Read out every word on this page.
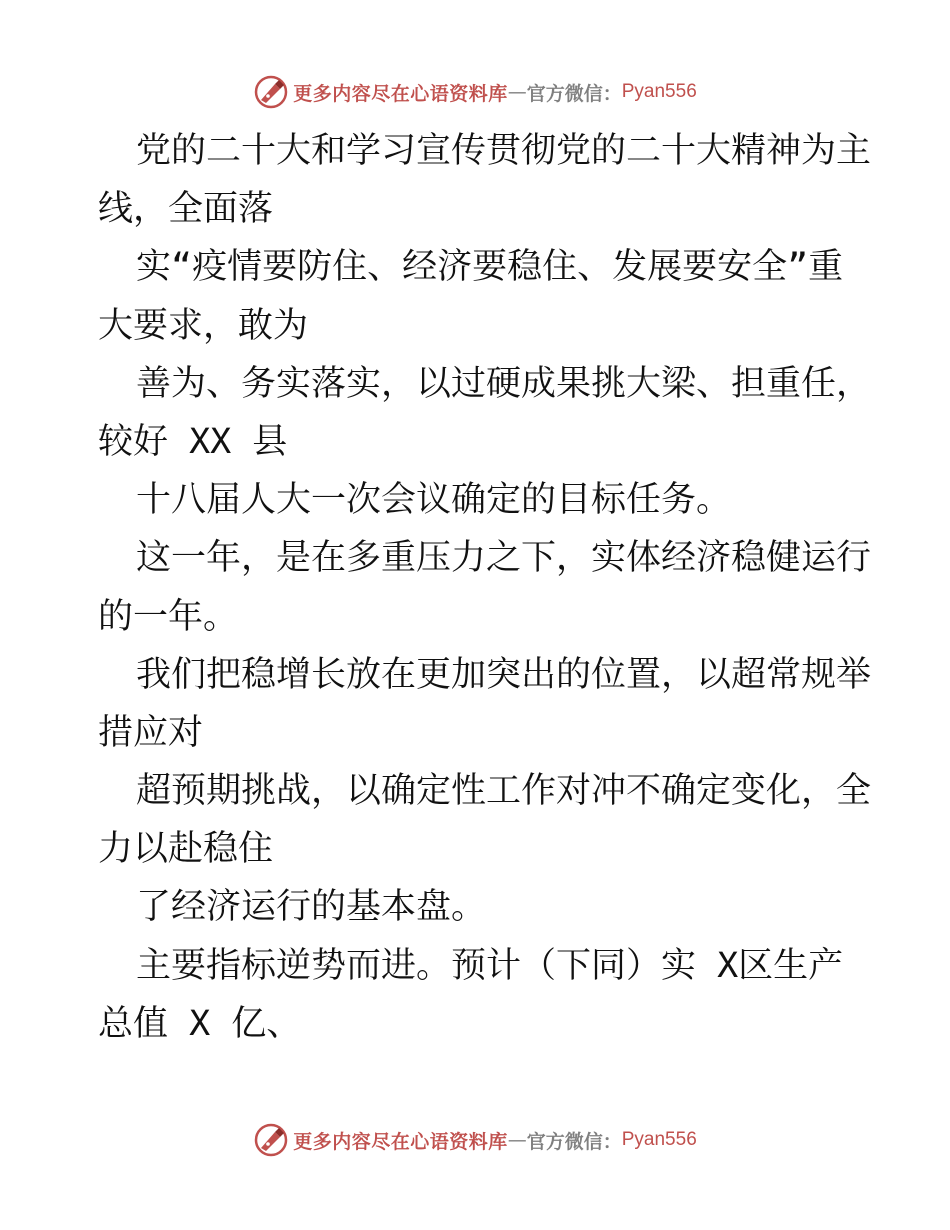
更多内容尽在心语资料库 — 官方微信： Pyan556
党的二十大和学习宣传贯彻党的二十大精神为主
线，全面落
实“疫情要防住、经济要稳住、发展要安全”重
大要求，敢为
善为、务实落实，以过硬成果挑大梁、担重任，
较好 XX 县
十八届人大一次会议确定的目标任务。
这一年，是在多重压力之下，实体经济稳健运行
的一年。
我们把稳增长放在更加突出的位置，以超常规举
措应对
超预期挑战，以确定性工作对冲不确定变化，全
力以赴稳住
了经济运行的基本盘。
主要指标逆势而进。预计（下同）实 X区生产
总值 X 亿、
更多内容尽在心语资料库 — 官方微信： Pyan556
